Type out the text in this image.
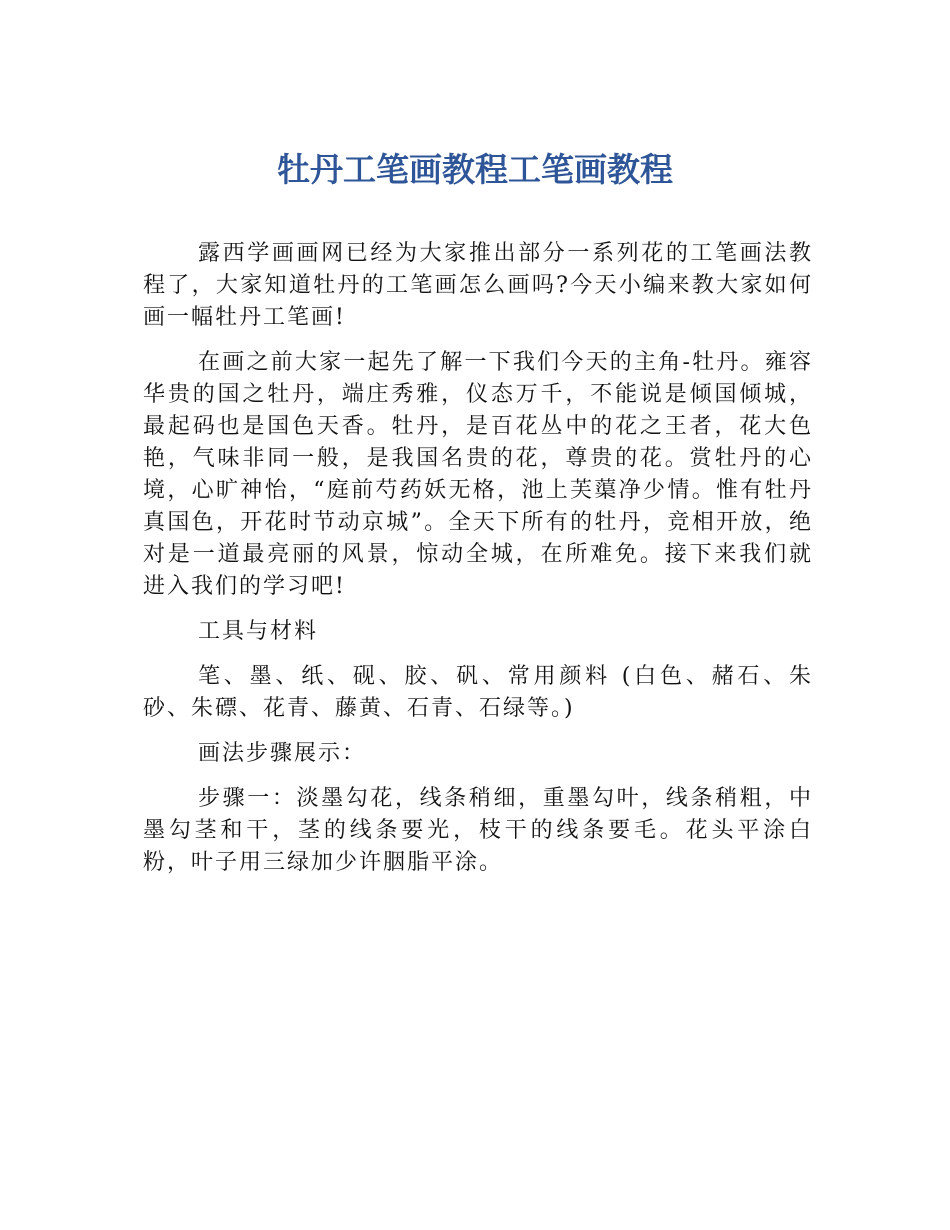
牡丹工笔画教程工笔画教程

露西学画画网已经为大家推出部分一系列花的工笔画法教程了，大家知道牡丹的工笔画怎么画吗?今天小编来教大家如何画一幅牡丹工笔画!

在画之前大家一起先了解一下我们今天的主角-牡丹。雍容华贵的国之牡丹，端庄秀雅，仪态万千，不能说是倾国倾城，最起码也是国色天香。牡丹，是百花丛中的花之王者，花大色艳，气味非同一般，是我国名贵的花，尊贵的花。赏牡丹的心境，心旷神怡，“庭前芍药妖无格，池上芙蕖净少情。惟有牡丹真国色，开花时节动京城”。全天下所有的牡丹，竞相开放，绝对是一道最亮丽的风景，惊动全城，在所难免。接下来我们就进入我们的学习吧!

工具与材料

笔、墨、纸、砚、胶、矾、常用颜料 (白色、赭石、朱砂、朱磦、花青、藤黄、石青、石绿等。)

画法步骤展示：

步骤一：淡墨勾花，线条稍细，重墨勾叶，线条稍粗，中墨勾茎和干，茎的线条要光，枝干的线条要毛。花头平涂白粉，叶子用三绿加少许胭脂平涂。
